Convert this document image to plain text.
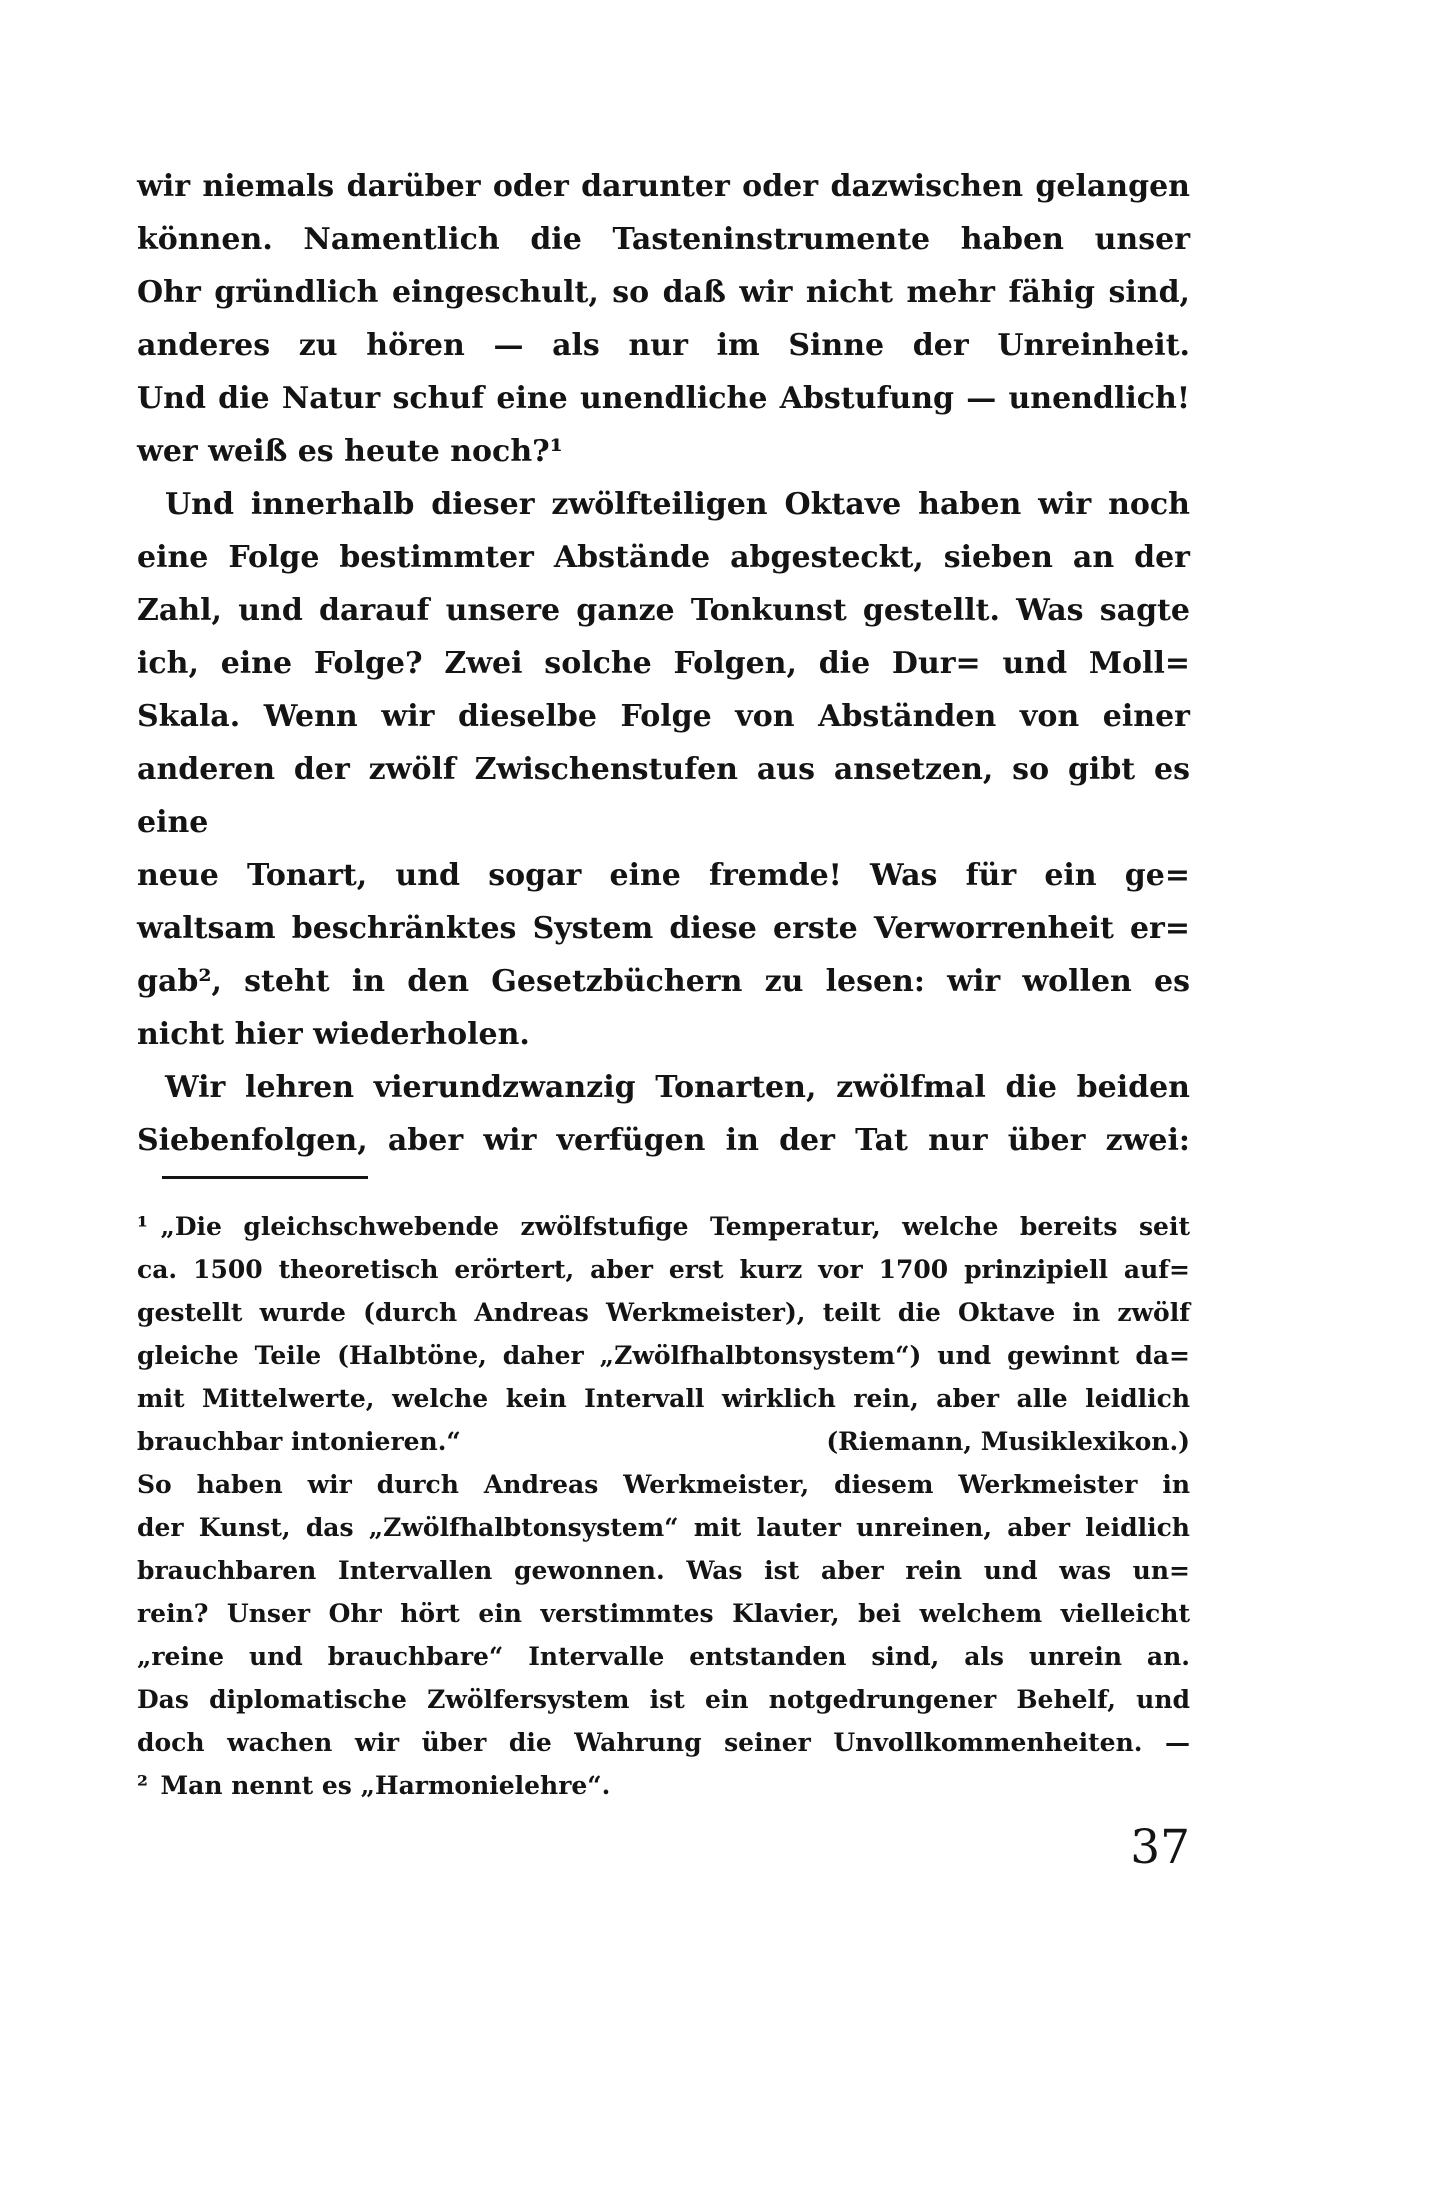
wir niemals darüber oder darunter oder dazwischen gelangen
können. Namentlich die Tasteninstrumente haben unser
Ohr gründlich eingeschult, so daß wir nicht mehr fähig sind,
anderes zu hören — als nur im Sinne der Unreinheit.
Und die Natur schuf eine unendliche Abstufung — unendlich!
wer weiß es heute noch?¹
Und innerhalb dieser zwölfteiligen Oktave haben wir noch
eine Folge bestimmter Abstände abgesteckt, sieben an der
Zahl, und darauf unsere ganze Tonkunst gestellt. Was sagte
ich, eine Folge? Zwei solche Folgen, die Dur= und Moll=
Skala. Wenn wir dieselbe Folge von Abständen von einer
anderen der zwölf Zwischenstufen aus ansetzen, so gibt es eine
neue Tonart, und sogar eine fremde! Was für ein ge=
waltsam beschränktes System diese erste Verworrenheit er=
gab², steht in den Gesetzbüchern zu lesen: wir wollen es
nicht hier wiederholen.
Wir lehren vierundzwanzig Tonarten, zwölfmal die beiden
Siebenfolgen, aber wir verfügen in der Tat nur über zwei:
¹ „Die gleichschwebende zwölfstufige Temperatur, welche bereits seit
ca. 1500 theoretisch erörtert, aber erst kurz vor 1700 prinzipiell auf=
gestellt wurde (durch Andreas Werkmeister), teilt die Oktave in zwölf
gleiche Teile (Halbtöne, daher „Zwölfhalbtonsystem“) und gewinnt da=
mit Mittelwerte, welche kein Intervall wirklich rein, aber alle leidlich
brauchbar intonieren.“	(Riemann, Musiklexikon.)
So haben wir durch Andreas Werkmeister, diesem Werkmeister in
der Kunst, das „Zwölfhalbtonsystem“ mit lauter unreinen, aber leidlich
brauchbaren Intervallen gewonnen. Was ist aber rein und was un=
rein? Unser Ohr hört ein verstimmtes Klavier, bei welchem vielleicht
„reine und brauchbare“ Intervalle entstanden sind, als unrein an.
Das diplomatische Zwölfersystem ist ein notgedrungener Behelf, und
doch wachen wir über die Wahrung seiner Unvollkommenheiten. —
² Man nennt es „Harmonielehre“.
37
